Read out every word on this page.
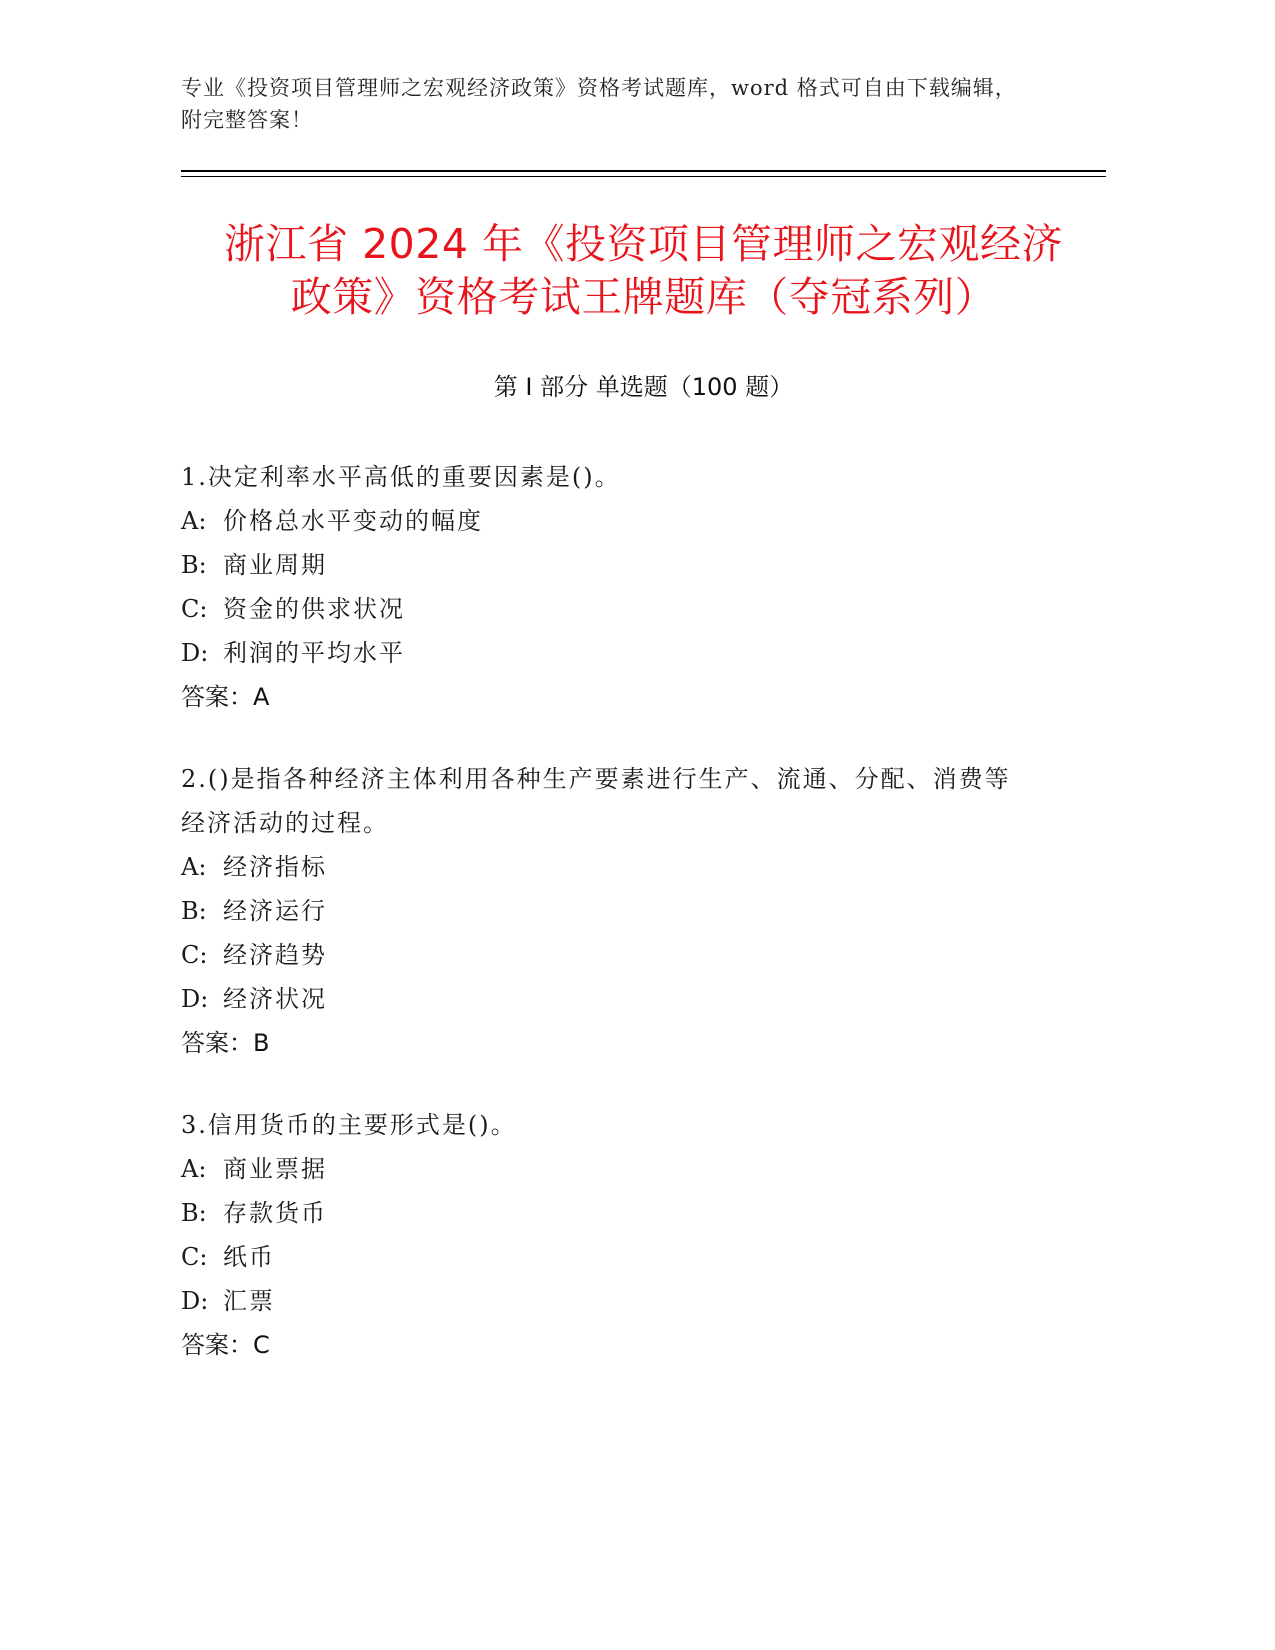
专业《投资项目管理师之宏观经济政策》资格考试题库，word 格式可自由下载编辑，附完整答案！
浙江省 2024 年《投资项目管理师之宏观经济
政策》资格考试王牌题库（夺冠系列）
第 I 部分 单选题（100 题）

1.决定利率水平高低的重要因素是()。

A: 价格总水平变动的幅度

B: 商业周期

C: 资金的供求状况

D: 利润的平均水平

答案：A

2.()是指各种经济主体利用各种生产要素进行生产、流通、分配、消费等经济活动的过程。

A: 经济指标

B: 经济运行

C: 经济趋势

D: 经济状况

答案：B

3.信用货币的主要形式是()。

A: 商业票据

B: 存款货币

C: 纸币

D: 汇票

答案：C
